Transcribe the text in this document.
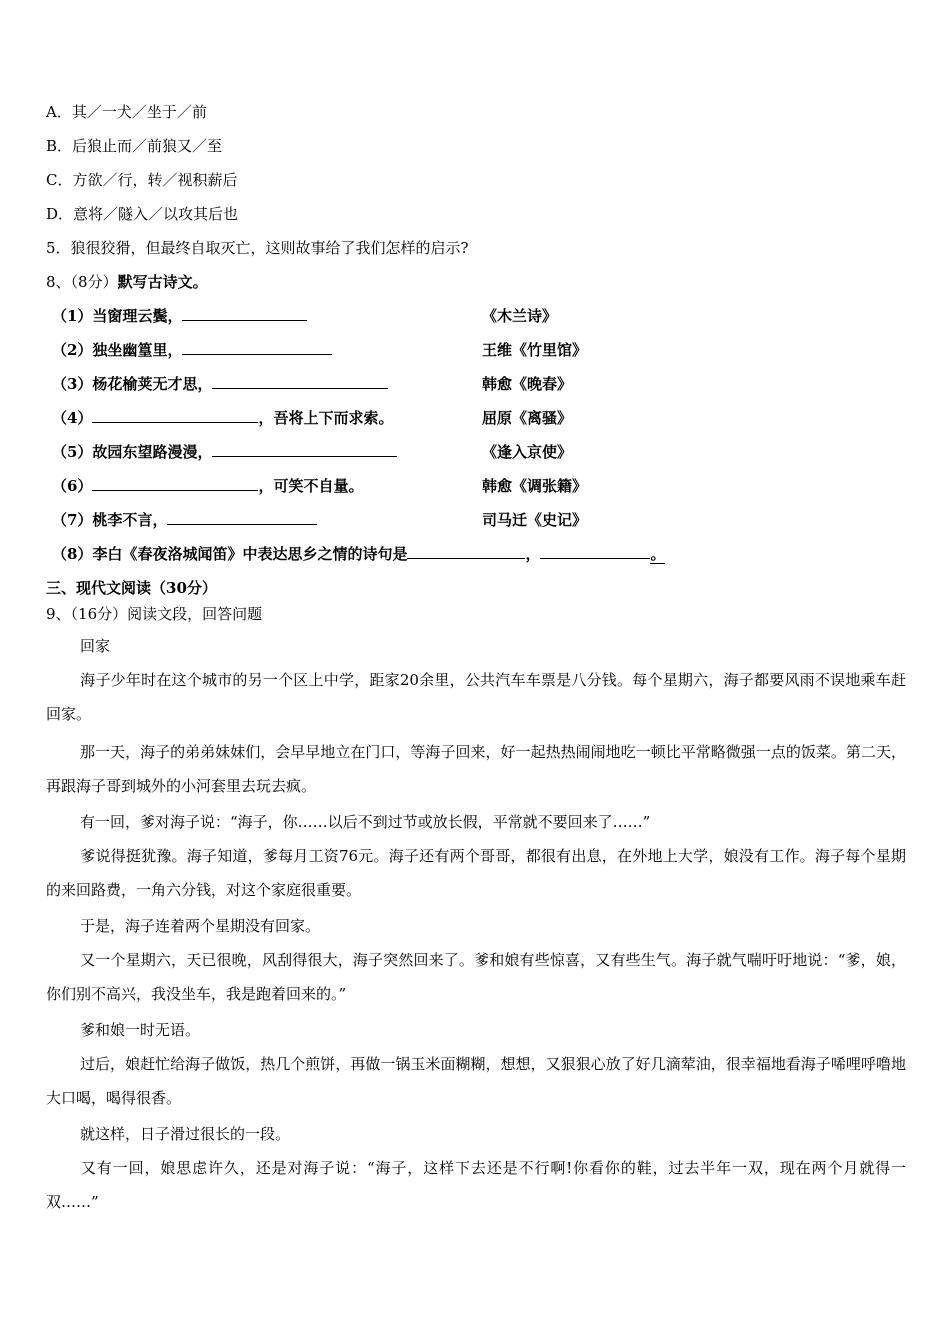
A．其／一犬／坐于／前
B．后狼止而／前狼又／至
C．方欲／行，转／视积薪后
D．意将／隧入／以攻其后也
5．狼很狡猾，但最终自取灭亡，这则故事给了我们怎样的启示?
8、（8分）默写古诗文。
（1）当窗理云鬓，	《木兰诗》
（2）独坐幽篁里，	王维《竹里馆》
（3）杨花榆荚无才思，	韩愈《晚春》
（4）	，吾将上下而求索。	屈原《离骚》
（5）故园东望路漫漫，	《逢入京使》
（6）	，可笑不自量。	韩愈《调张籍》
（7）桃李不言，	司马迁《史记》
（8）李白《春夜洛城闻笛》中表达思乡之情的诗句是	，	。
三、现代文阅读（30分）
9、（16分）阅读文段，回答问题
回家
海子少年时在这个城市的另一个区上中学，距家20余里，公共汽车车票是八分钱。每个星期六，海子都要风雨不误地乘车赶回家。
那一天，海子的弟弟妹妹们，会早早地立在门口，等海子回来，好一起热热闹闹地吃一顿比平常略微强一点的饭菜。第二天，再跟海子哥到城外的小河套里去玩去疯。
有一回，爹对海子说：“海子，你……以后不到过节或放长假，平常就不要回来了……”
爹说得挺犹豫。海子知道，爹每月工资76元。海子还有两个哥哥，都很有出息，在外地上大学，娘没有工作。海子每个星期的来回路费，一角六分钱，对这个家庭很重要。
于是，海子连着两个星期没有回家。
又一个星期六，天已很晚，风刮得很大，海子突然回来了。爹和娘有些惊喜，又有些生气。海子就气喘吁吁地说：“爹，娘，你们别不高兴，我没坐车，我是跑着回来的。”
爹和娘一时无语。
过后，娘赶忙给海子做饭，热几个煎饼，再做一锅玉米面糊糊，想想，又狠狠心放了好几滴荤油，很幸福地看海子唏哩呼噜地大口喝，喝得很香。
就这样，日子滑过很长的一段。
又有一回，娘思虑许久，还是对海子说：“海子，这样下去还是不行啊!你看你的鞋，过去半年一双，现在两个月就得一双……”
